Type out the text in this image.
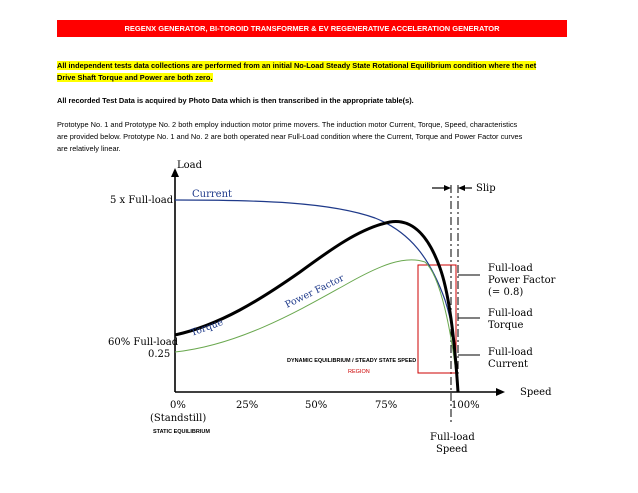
REGENX GENERATOR, BI-TOROID TRANSFORMER & EV REGENERATIVE ACCELERATION GENERATOR
All independent tests data collections are performed from an initial No-Load Steady State Rotational Equilibrium condition where the net
Drive Shaft Torque and Power are both zero.
All recorded Test Data is acquired by Photo Data which is then transcribed in the appropriate table(s).
Prototype No. 1 and Prototype No. 2 both employ induction motor prime movers. The induction motor Current, Torque, Speed, characteristics
are provided below. Prototype No. 1 and No. 2 are both operated near Full-Load condition where the Current, Torque and Power Factor curves
are relatively linear.
Load
Speed
Slip
5 x Full-load
60% Full-load
0.25
0%	25%	50%	75%	100%
(Standstill)
STATIC EQUILIBRIUM
DYNAMIC EQUILIBRIUM / STEADY STATE SPEED
REGION
Current
Power Factor
Torque
Full-load
Power Factor
(= 0.8)
Full-load
Torque
Full-load
Current
Full-load
Speed
